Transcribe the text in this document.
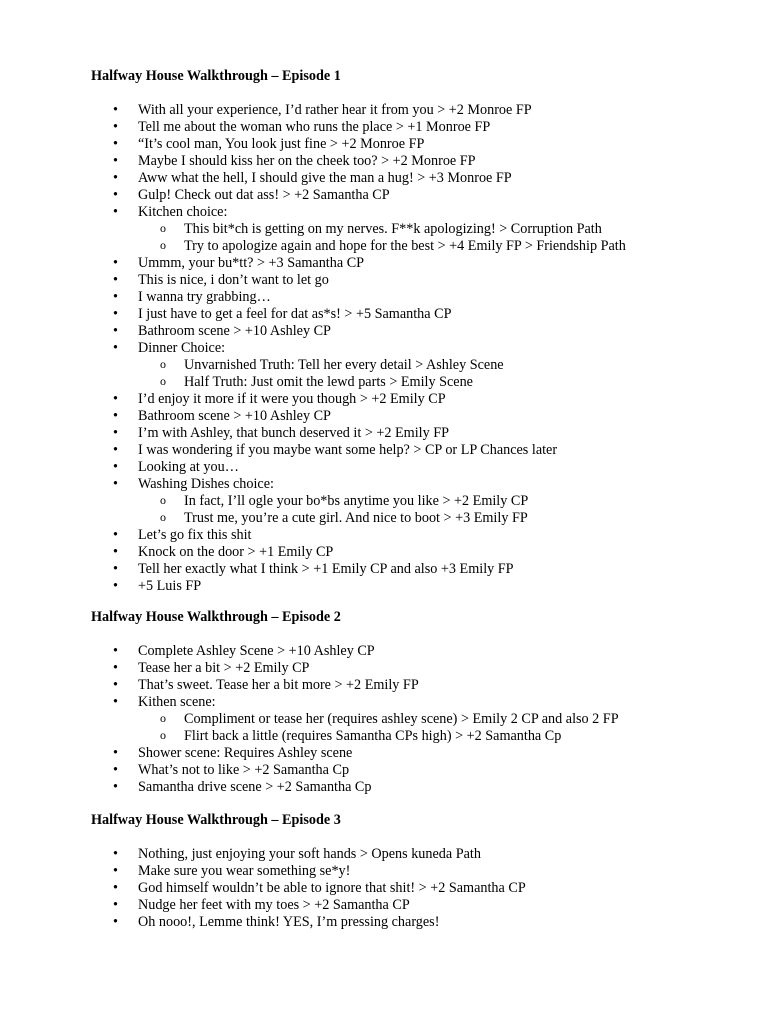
Halfway House Walkthrough – Episode 1
• With all your experience, I’d rather hear it from you > +2 Monroe FP
• Tell me about the woman who runs the place > +1 Monroe FP
• “It’s cool man, You look just fine > +2 Monroe FP
• Maybe I should kiss her on the cheek too? > +2 Monroe FP
• Aww what the hell, I should give the man a hug! > +3 Monroe FP
• Gulp! Check out dat ass! > +2 Samantha CP
• Kitchen choice:
o This bit*ch is getting on my nerves. F**k apologizing! > Corruption Path
o Try to apologize again and hope for the best > +4 Emily FP > Friendship Path
• Ummm, your bu*tt? > +3 Samantha CP
• This is nice, i don’t want to let go
• I wanna try grabbing…
• I just have to get a feel for dat as*s! > +5 Samantha CP
• Bathroom scene > +10 Ashley CP
• Dinner Choice:
o Unvarnished Truth: Tell her every detail > Ashley Scene
o Half Truth: Just omit the lewd parts > Emily Scene
• I’d enjoy it more if it were you though > +2 Emily CP
• Bathroom scene > +10 Ashley CP
• I’m with Ashley, that bunch deserved it > +2 Emily FP
• I was wondering if you maybe want some help? > CP or LP Chances later
• Looking at you…
• Washing Dishes choice:
o In fact, I’ll ogle your bo*bs anytime you like > +2 Emily CP
o Trust me, you’re a cute girl. And nice to boot > +3 Emily FP
• Let’s go fix this shit
• Knock on the door > +1 Emily CP
• Tell her exactly what I think > +1 Emily CP and also +3 Emily FP
• +5 Luis FP
Halfway House Walkthrough – Episode 2
• Complete Ashley Scene > +10 Ashley CP
• Tease her a bit > +2 Emily CP
• That’s sweet. Tease her a bit more > +2 Emily FP
• Kithen scene:
o Compliment or tease her (requires ashley scene) > Emily 2 CP and also 2 FP
o Flirt back a little (requires Samantha CPs high) > +2 Samantha Cp
• Shower scene: Requires Ashley scene
• What’s not to like > +2 Samantha Cp
• Samantha drive scene > +2 Samantha Cp
Halfway House Walkthrough – Episode 3
• Nothing, just enjoying your soft hands > Opens kuneda Path
• Make sure you wear something se*y!
• God himself wouldn’t be able to ignore that shit! > +2 Samantha CP
• Nudge her feet with my toes > +2 Samantha CP
• Oh nooo!, Lemme think! YES, I’m pressing charges!
